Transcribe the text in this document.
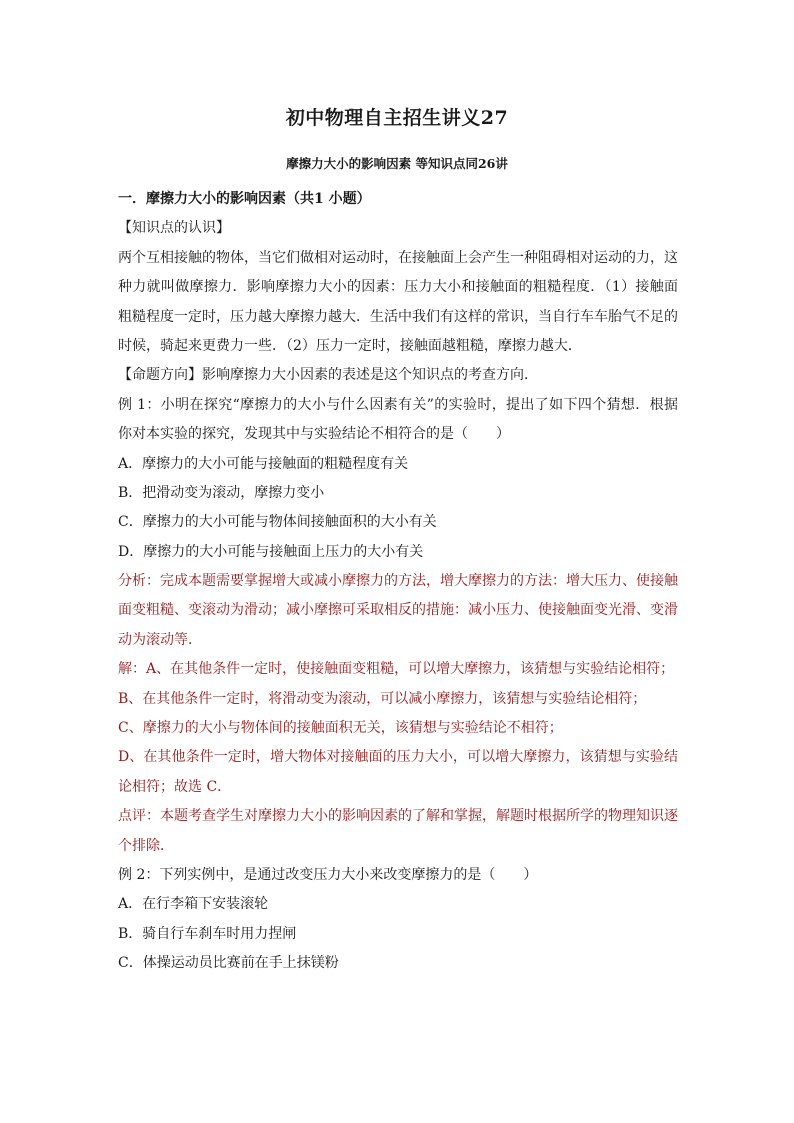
初中物理自主招生讲义27
摩擦力大小的影响因素 等知识点同26讲
一．摩擦力大小的影响因素（共1 小题）
【知识点的认识】
两个互相接触的物体，当它们做相对运动时，在接触面上会产生一种阻碍相对运动的力，这
种力就叫做摩擦力．影响摩擦力大小的因素：压力大小和接触面的粗糙程度．（1）接触面
粗糙程度一定时，压力越大摩擦力越大．生活中我们有这样的常识，当自行车车胎气不足的
时候，骑起来更费力一些．（2）压力一定时，接触面越粗糙，摩擦力越大．
【命题方向】影响摩擦力大小因素的表述是这个知识点的考查方向．
例 1：小明在探究“摩擦力的大小与什么因素有关”的实验时，提出了如下四个猜想．根据
你对本实验的探究，发现其中与实验结论不相符合的是（　　）
A．摩擦力的大小可能与接触面的粗糙程度有关
B．把滑动变为滚动，摩擦力变小
C．摩擦力的大小可能与物体间接触面积的大小有关
D．摩擦力的大小可能与接触面上压力的大小有关
分析：完成本题需要掌握增大或减小摩擦力的方法，增大摩擦力的方法：增大压力、使接触
面变粗糙、变滚动为滑动；减小摩擦可采取相反的措施：减小压力、使接触面变光滑、变滑
动为滚动等．
解：A、在其他条件一定时，使接触面变粗糙，可以增大摩擦力，该猜想与实验结论相符；
B、在其他条件一定时，将滑动变为滚动，可以减小摩擦力，该猜想与实验结论相符；
C、摩擦力的大小与物体间的接触面积无关，该猜想与实验结论不相符；
D、在其他条件一定时，增大物体对接触面的压力大小，可以增大摩擦力，该猜想与实验结
论相符；故选 C．
点评：本题考查学生对摩擦力大小的影响因素的了解和掌握，解题时根据所学的物理知识逐
个排除．
例 2：下列实例中，是通过改变压力大小来改变摩擦力的是（　　）
A．在行李箱下安装滚轮
B．骑自行车刹车时用力捏闸
C．体操运动员比赛前在手上抹镁粉
